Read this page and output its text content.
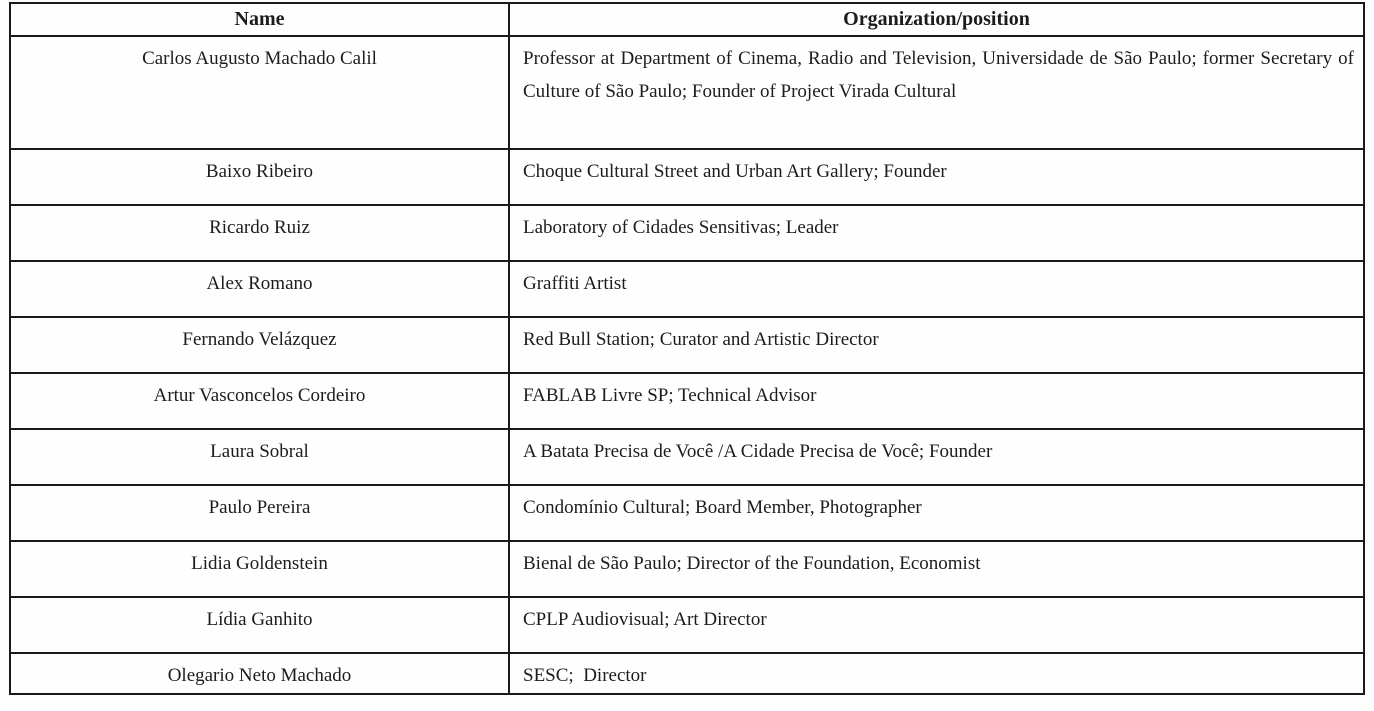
Name	Organization/position
Carlos Augusto Machado Calil	Professor at Department of Cinema, Radio and Television, Universidade de São Paulo; former Secretary of Culture of São Paulo; Founder of Project Virada Cultural
Baixo Ribeiro	Choque Cultural Street and Urban Art Gallery; Founder
Ricardo Ruiz	Laboratory of Cidades Sensitivas; Leader
Alex Romano	Graffiti Artist
Fernando Velázquez	Red Bull Station; Curator and Artistic Director
Artur Vasconcelos Cordeiro	FABLAB Livre SP; Technical Advisor
Laura Sobral	A Batata Precisa de Você /A Cidade Precisa de Você; Founder
Paulo Pereira	Condomínio Cultural; Board Member, Photographer
Lidia Goldenstein	Bienal de São Paulo; Director of the Foundation, Economist
Lídia Ganhito	CPLP Audiovisual; Art Director
Olegario Neto Machado	SESC;  Director
